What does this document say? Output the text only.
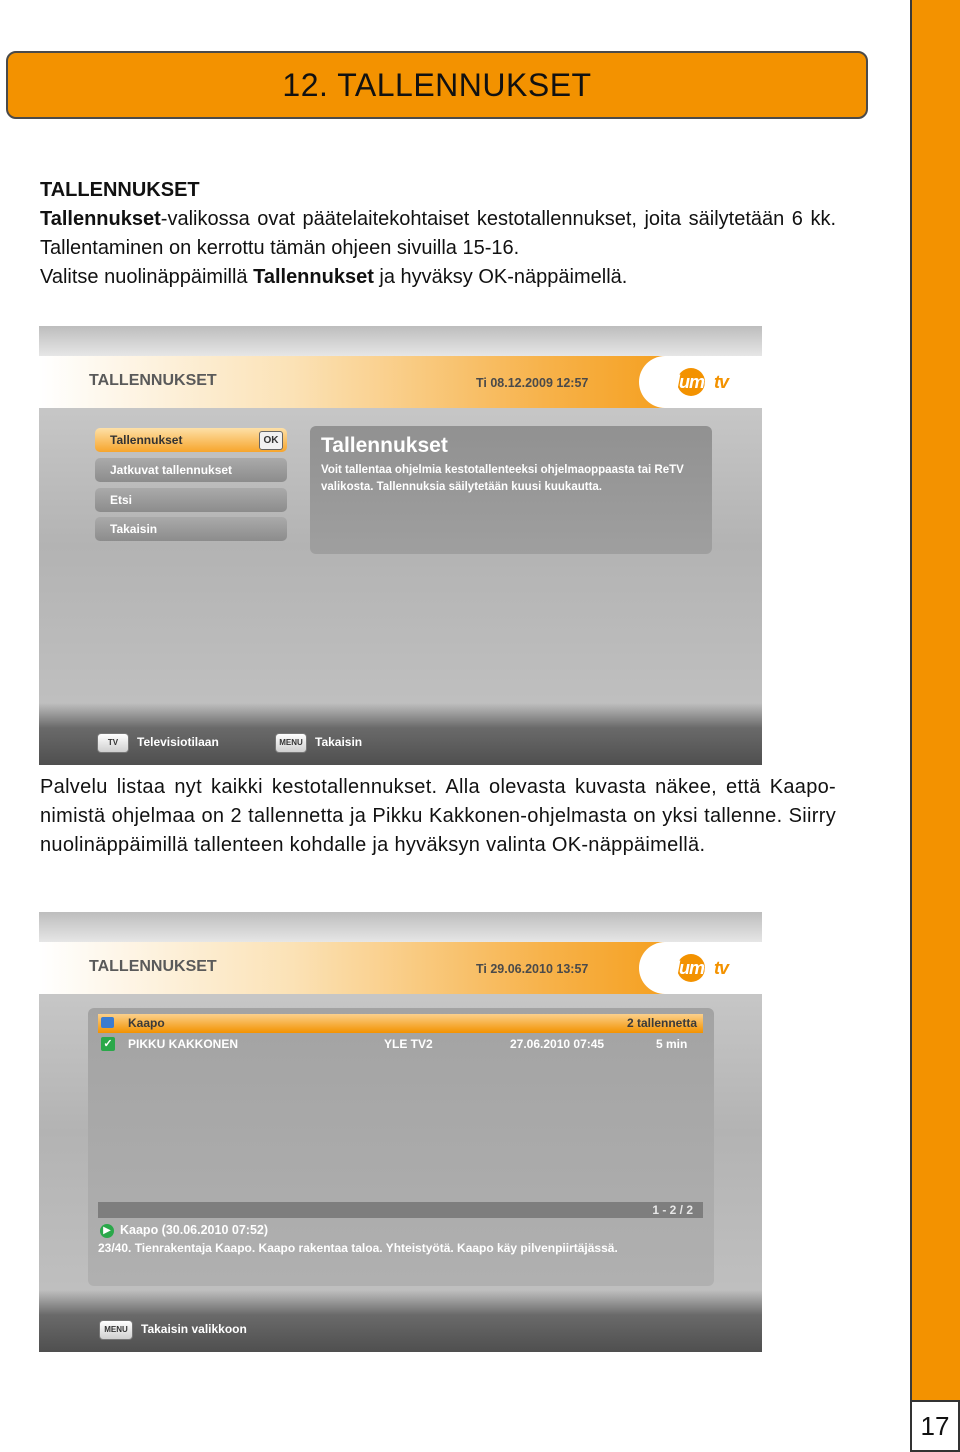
17
12. TALLENNUKSET
TALLENNUKSET
Tallennukset-valikossa ovat päätelaitekohtaiset kestotallennukset, joita säilytetään 6 kk. Tallentaminen on kerrottu tämän ohjeen sivuilla 15-16.
Valitse nuolinäppäimillä Tallennukset ja hyväksy OK-näppäimellä.
TALLENNUKSET	Ti 08.12.2009 12:57	lumotv
Tallennukset	OK
Jatkuvat tallennukset
Etsi
Takaisin
Tallennukset
Voit tallentaa ohjelmia kestotallenteeksi ohjelmaoppaasta tai ReTV valikosta. Tallennuksia säilytetään kuusi kuukautta.
TV	Televisiotilaan	MENU	Takaisin
Palvelu listaa nyt kaikki kestotallennukset. Alla olevasta kuvasta näkee, että Kaapo-nimistä ohjelmaa on 2 tallennetta ja Pikku Kakkonen-ohjelmasta on yksi tallenne. Siirry nuolinäppäimillä tallenteen kohdalle ja hyväksyn valinta OK-näppäimellä.
TALLENNUKSET	Ti 29.06.2010 13:57	lumotv
Kaapo	2 tallennetta
✓ PIKKU KAKKONEN	YLE TV2	27.06.2010 07:45	5 min
1 - 2 / 2
▶ Kaapo (30.06.2010 07:52)
23/40. Tienrakentaja Kaapo. Kaapo rakentaa taloa. Yhteistyötä. Kaapo käy pilvenpiirtäjässä.
MENU	Takaisin valikkoon
